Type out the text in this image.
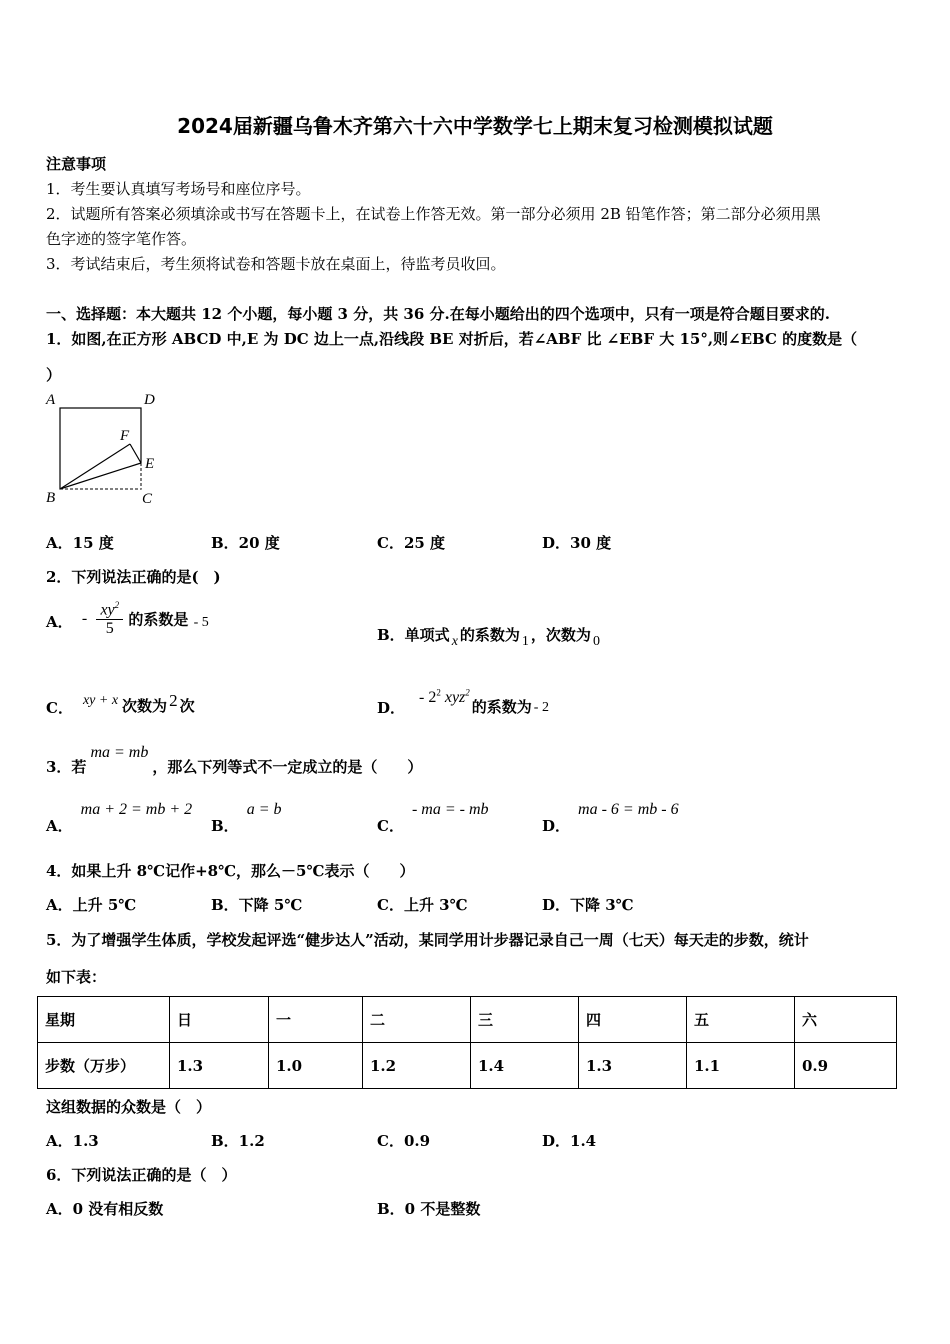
2024届新疆乌鲁木齐第六十六中学数学七上期末复习检测模拟试题
注意事项
1．考生要认真填写考场号和座位序号。
2．试题所有答案必须填涂或书写在答题卡上，在试卷上作答无效。第一部分必须用 2B 铅笔作答；第二部分必须用黑
色字迹的签字笔作答。
3．考试结束后，考生须将试卷和答题卡放在桌面上，待监考员收回。
一、选择题：本大题共 12 个小题，每小题 3 分，共 36 分.在每小题给出的四个选项中，只有一项是符合题目要求的.
1．如图,在正方形 ABCD 中,E 为 DC 边上一点,沿线段 BE 对折后，若∠ABF 比 ∠EBF 大 15°,则∠EBC 的度数是（
）
A	D
F
E
B	C
A．15 度	B．20 度	C．25 度	D．30 度
2．下列说法正确的是(　)
A． - $\frac{xy^2}{5}$ 的系数是 - 5
B．单项式 x 的系数为 1 ，次数为 0
C． xy + x 次数为 2 次	D．- $2^2$ xyz$^2$的系数为 - 2
3．若ma = mb，那么下列等式不一定成立的是（　　）
A．ma + 2 = mb + 2
B．a = b
C．- ma = - mb
D．ma - 6 = mb - 6
4．如果上升 8℃记作+8℃，那么－5℃表示（　　）
A．上升 5℃	B．下降 5℃	C．上升 3℃	D．下降 3℃
5．为了增强学生体质，学校发起评选“健步达人”活动，某同学用计步器记录自己一周（七天）每天走的步数，统计
如下表：
星期	日	一	二	三	四	五	六
步数（万步）	1.3	1.0	1.2	1.4	1.3	1.1	0.9
这组数据的众数是（　）
A．1.3	B．1.2	C．0.9	D．1.4
6．下列说法正确的是（　）
A．0 没有相反数	B．0 不是整数
